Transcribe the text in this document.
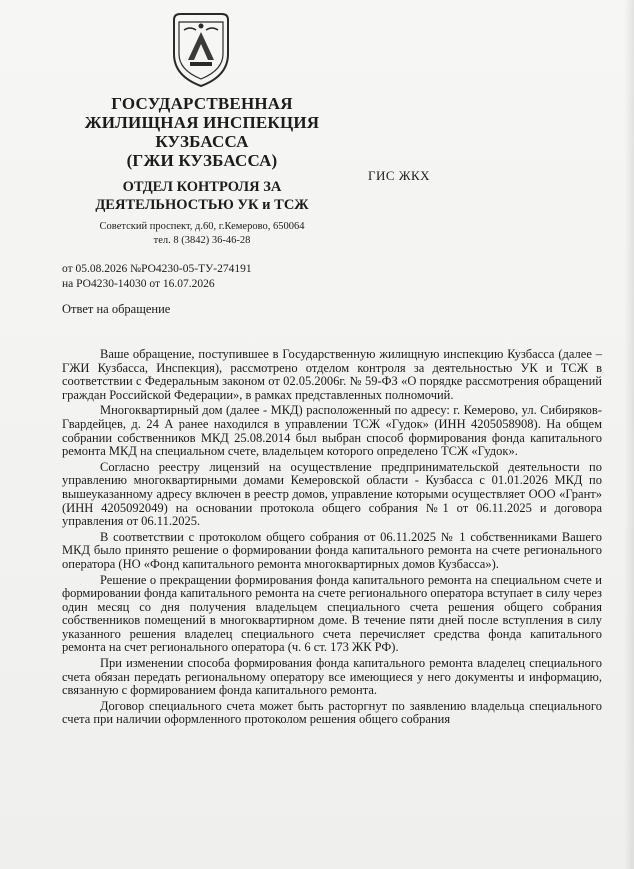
ГОСУДАРСТВЕННАЯ
ЖИЛИЩНАЯ ИНСПЕКЦИЯ
КУЗБАССА
(ГЖИ КУЗБАССА)
ОТДЕЛ КОНТРОЛЯ ЗА
ДЕЯТЕЛЬНОСТЬЮ УК и ТСЖ
Советский проспект, д.60, г.Кемерово, 650064
тел. 8 (3842) 36-46-28
ГИС ЖКХ
от 05.08.2026 №РО4230-05-ТУ-274191
на РО4230-14030 от 16.07.2026
Ответ на обращение

Ваше обращение, поступившее в Государственную жилищную инспекцию Кузбасса (далее – ГЖИ Кузбасса, Инспекция), рассмотрено отделом контроля за деятельностью УК и ТСЖ в соответствии с Федеральным законом от 02.05.2006г. № 59-ФЗ «О порядке рассмотрения обращений граждан Российской Федерации», в рамках представленных полномочий.

Многоквартирный дом (далее - МКД) расположенный по адресу: г. Кемерово, ул. Сибиряков-Гвардейцев, д. 24 А ранее находился в управлении ТСЖ «Гудок» (ИНН 4205058908). На общем собрании собственников МКД 25.08.2014 был выбран способ формирования фонда капитального ремонта МКД на специальном счете, владельцем которого определено ТСЖ «Гудок».

Согласно реестру лицензий на осуществление предпринимательской деятельности по управлению многоквартирными домами Кемеровской области - Кузбасса с 01.01.2026 МКД по вышеуказанному адресу включен в реестр домов, управление которыми осуществляет ООО «Грант» (ИНН 4205092049) на основании протокола общего собрания №1 от 06.11.2025 и договора управления от 06.11.2025.

В соответствии с протоколом общего собрания от 06.11.2025 № 1 собственниками Вашего МКД было принято решение о формировании фонда капитального ремонта на счете регионального оператора (НО «Фонд капитального ремонта многоквартирных домов Кузбасса»).

Решение о прекращении формирования фонда капитального ремонта на специальном счете и формировании фонда капитального ремонта на счете регионального оператора вступает в силу через один месяц со дня получения владельцем специального счета решения общего собрания собственников помещений в многоквартирном доме. В течение пяти дней после вступления в силу указанного решения владелец специального счета перечисляет средства фонда капитального ремонта на счет регионального оператора (ч. 6 ст. 173 ЖК РФ).

При изменении способа формирования фонда капитального ремонта владелец специального счета обязан передать региональному оператору все имеющиеся у него документы и информацию, связанную с формированием фонда капитального ремонта.

Договор специального счета может быть расторгнут по заявлению владельца специального счета при наличии оформленного протоколом решения общего собрания
